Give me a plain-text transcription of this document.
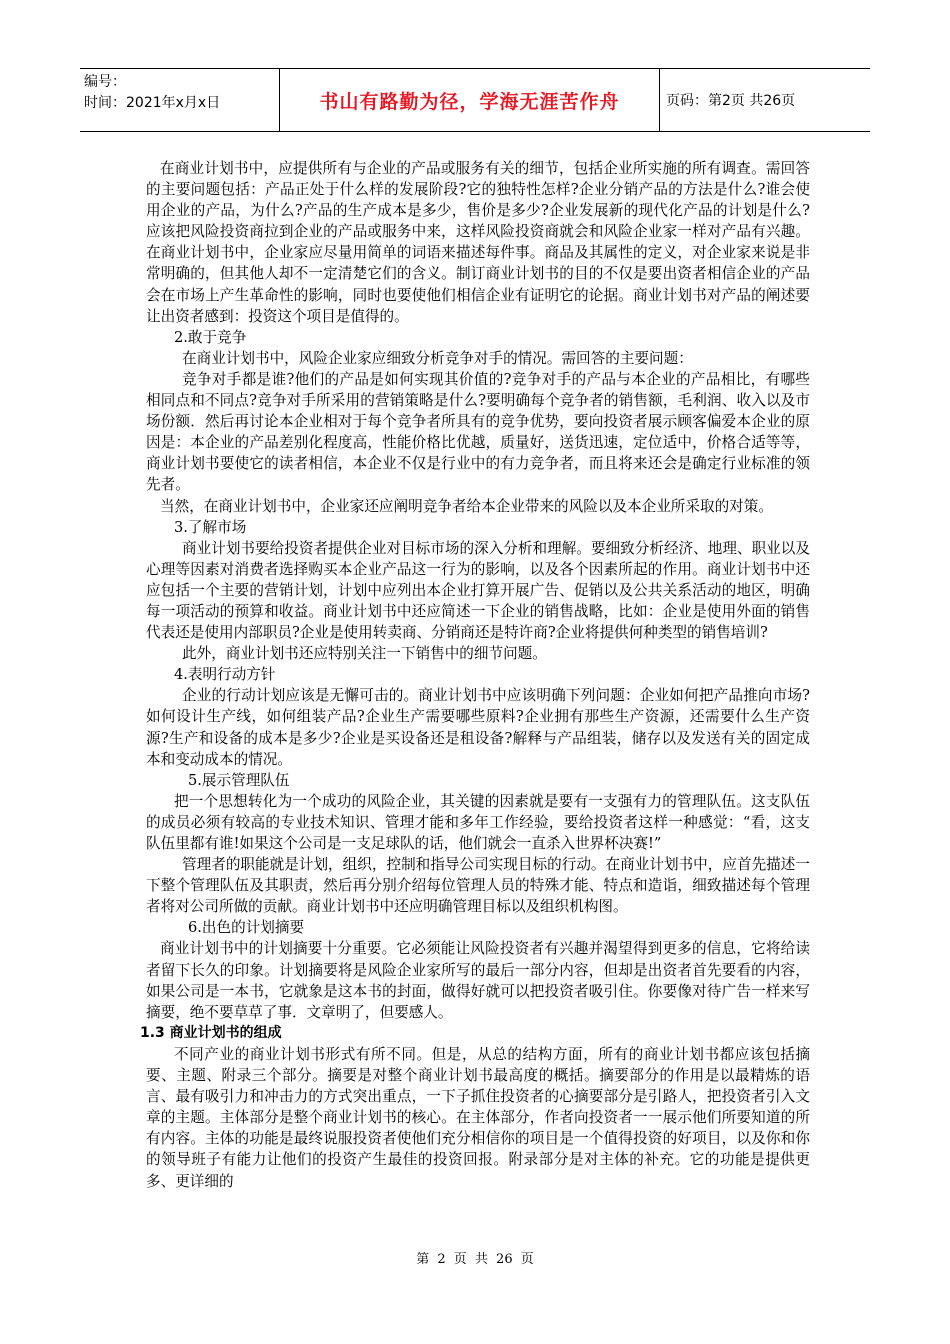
编号：
时间：2021年x月x日	书山有路勤为径，学海无涯苦作舟	页码：第2页 共26页

在商业计划书中，应提供所有与企业的产品或服务有关的细节，包括企业所实施的所有调查。需回答的主要问题包括：产品正处于什么样的发展阶段?它的独特性怎样?企业分销产品的方法是什么?谁会使用企业的产品，为什么?产品的生产成本是多少，售价是多少?企业发展新的现代化产品的计划是什么?应该把风险投资商拉到企业的产品或服务中来，这样风险投资商就会和风险企业家一样对产品有兴趣。在商业计划书中，企业家应尽量用简单的词语来描述每件事。商品及其属性的定义，对企业家来说是非常明确的，但其他人却不一定清楚它们的含义。制订商业计划书的目的不仅是要出资者相信企业的产品会在市场上产生革命性的影响，同时也要使他们相信企业有证明它的论据。商业计划书对产品的阐述要让出资者感到：投资这个项目是值得的。

2.敢于竞争

在商业计划书中，风险企业家应细致分析竞争对手的情况。需回答的主要问题：

竞争对手都是谁?他们的产品是如何实现其价值的?竞争对手的产品与本企业的产品相比，有哪些相同点和不同点?竞争对手所采用的营销策略是什么?要明确每个竞争者的销售额，毛利润、收入以及市场份额．然后再讨论本企业相对于每个竞争者所具有的竞争优势，要向投资者展示顾客偏爱本企业的原因是：本企业的产品差别化程度高，性能价格比优越，质量好，送货迅速，定位适中，价格合适等等，商业计划书要使它的读者相信，本企业不仅是行业中的有力竞争者，而且将来还会是确定行业标准的领先者。

当然，在商业计划书中，企业家还应阐明竞争者给本企业带来的风险以及本企业所采取的对策。

3.了解市场

商业计划书要给投资者提供企业对目标市场的深入分析和理解。要细致分析经济、地理、职业以及心理等因素对消费者选择购买本企业产品这一行为的影响，以及各个因素所起的作用。商业计划书中还应包括一个主要的营销计划，计划中应列出本企业打算开展广告、促销以及公共关系活动的地区，明确每一项活动的预算和收益。商业计划书中还应简述一下企业的销售战略，比如：企业是使用外面的销售代表还是使用内部职员?企业是使用转卖商、分销商还是特许商?企业将提供何种类型的销售培训?

此外，商业计划书还应特别关注一下销售中的细节问题。

4.表明行动方针

企业的行动计划应该是无懈可击的。商业计划书中应该明确下列问题：企业如何把产品推向市场?如何设计生产线，如何组装产品?企业生产需要哪些原料?企业拥有那些生产资源，还需要什么生产资源?生产和设备的成本是多少?企业是买设备还是租设备?解释与产品组装，储存以及发送有关的固定成本和变动成本的情况。

5.展示管理队伍

把一个思想转化为一个成功的风险企业，其关键的因素就是要有一支强有力的管理队伍。这支队伍的成员必须有较高的专业技术知识、管理才能和多年工作经验，要给投资者这样一种感觉：“看，这支队伍里都有谁!如果这个公司是一支足球队的话，他们就会一直杀入世界杯决赛!”

管理者的职能就是计划，组织，控制和指导公司实现目标的行动。在商业计划书中，应首先描述一下整个管理队伍及其职责，然后再分别介绍每位管理人员的特殊才能、特点和造诣，细致描述每个管理者将对公司所做的贡献。商业计划书中还应明确管理目标以及组织机构图。

6.出色的计划摘要

商业计划书中的计划摘要十分重要。它必须能让风险投资者有兴趣并渴望得到更多的信息，它将给读者留下长久的印象。计划摘要将是风险企业家所写的最后一部分内容，但却是出资者首先要看的内容，如果公司是一本书，它就象是这本书的封面，做得好就可以把投资者吸引住。你要像对待广告一样来写摘要，绝不要草草了事．文章明了，但要感人。

1.3 商业计划书的组成

不同产业的商业计划书形式有所不同。但是，从总的结构方面，所有的商业计划书都应该包括摘要、主题、附录三个部分。摘要是对整个商业计划书最高度的概括。摘要部分的作用是以最精炼的语言、最有吸引力和冲击力的方式突出重点，一下子抓住投资者的心摘要部分是引路人，把投资者引入文章的主题。主体部分是整个商业计划书的核心。在主体部分，作者向投资者一一展示他们所要知道的所有内容。主体的功能是最终说服投资者使他们充分相信你的项目是一个值得投资的好项目，以及你和你的领导班子有能力让他们的投资产生最佳的投资回报。附录部分是对主体的补充。它的功能是提供更多、更详细的

第 2 页 共 26 页
